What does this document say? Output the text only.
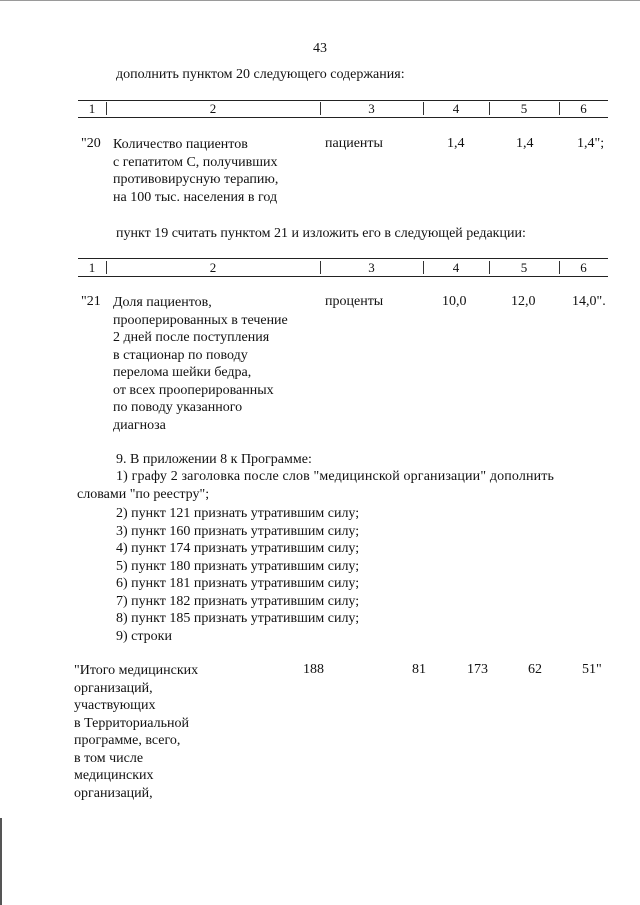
43
дополнить пунктом 20 следующего содержания:
1	2	3	4	5	6
"20 Количество пациентов
с гепатитом С, получивших
противовирусную терапию,
на 100 тыс. населения в год
пациенты	1,4	1,4	1,4";
пункт 19 считать пунктом 21 и изложить его в следующей редакции:
1	2	3	4	5	6
"21 Доля пациентов,
прооперированных в течение
2 дней после поступления
в стационар по поводу
перелома шейки бедра,
от всех прооперированных
по поводу указанного
диагноза
проценты	10,0	12,0	14,0".
9. В приложении 8 к Программе:
1) графу 2 заголовка после слов "медицинской организации" дополнить
словами "по реестру";
2) пункт 121 признать утратившим силу;
3) пункт 160 признать утратившим силу;
4) пункт 174 признать утратившим силу;
5) пункт 180 признать утратившим силу;
6) пункт 181 признать утратившим силу;
7) пункт 182 признать утратившим силу;
8) пункт 185 признать утратившим силу;
9) строки
"Итого медицинских
организаций,
участвующих
в Территориальной
программе, всего,
в том числе
медицинских
организаций,
188	81	173	62	51"
